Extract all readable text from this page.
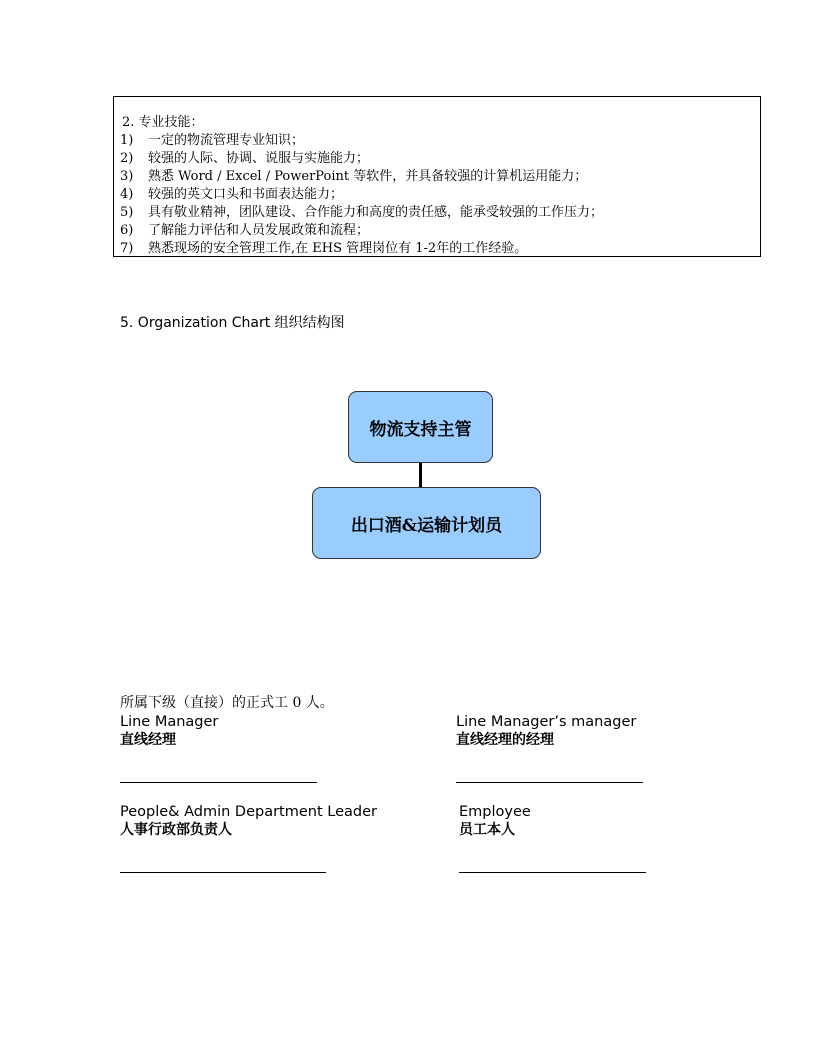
2. 专业技能：
1) 一定的物流管理专业知识；
2) 较强的人际、协调、说服与实施能力；
3) 熟悉 Word / Excel / PowerPoint 等软件，并具备较强的计算机运用能力；
4) 较强的英文口头和书面表达能力；
5) 具有敬业精神，团队建设、合作能力和高度的责任感，能承受较强的工作压力；
6) 了解能力评估和人员发展政策和流程；
7) 熟悉现场的安全管理工作,在 EHS 管理岗位有 1-2年的工作经验。
5. Organization Chart 组织结构图
物流支持主管
出口酒&运输计划员
所属下级（直接）的正式工 0 人。
Line Manager
直线经理
Line Manager’s manager
直线经理的经理
People& Admin Department Leader
人事行政部负责人
Employee
员工本人
